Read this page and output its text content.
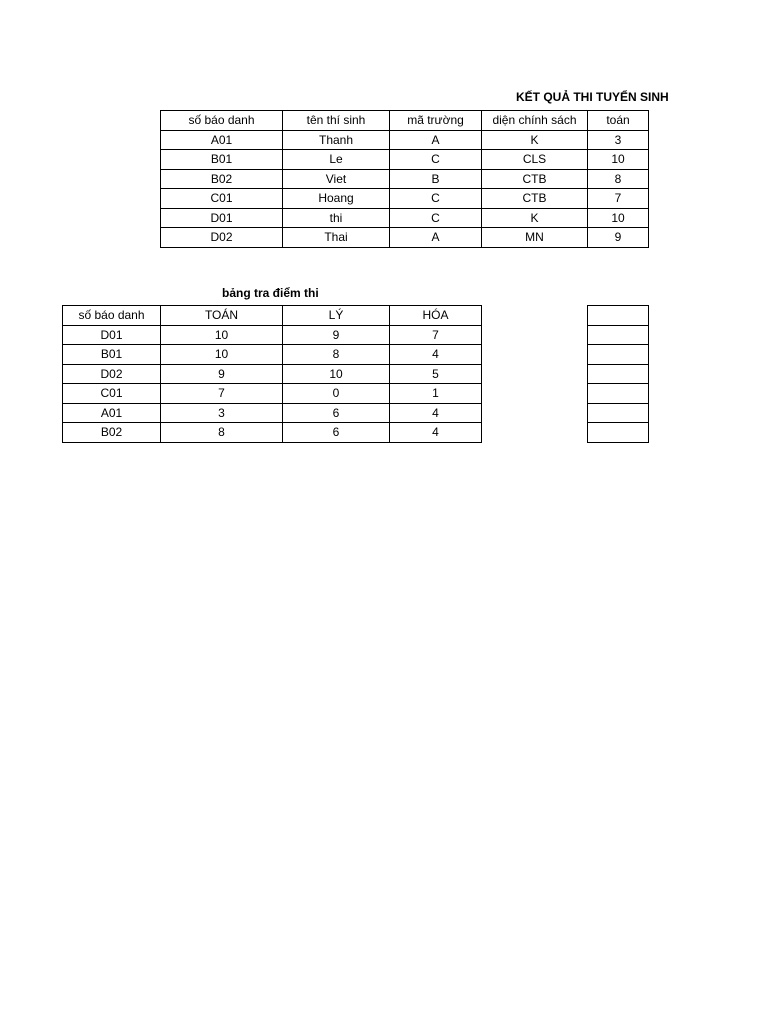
KẾT QUẢ THI TUYỂN SINH
số báo danh	tên thí sinh	mã trường	diện chính sách	toán
A01	Thanh	A	K	3
B01	Le	C	CLS	10
B02	Viet	B	CTB	8
C01	Hoang	C	CTB	7
D01	thi	C	K	10
D02	Thai	A	MN	9
bảng tra điểm thi
số báo danh	TOÁN	LÝ	HÓA
D01	10	9	7
B01	10	8	4
D02	9	10	5
C01	7	0	1
A01	3	6	4
B02	8	6	4
